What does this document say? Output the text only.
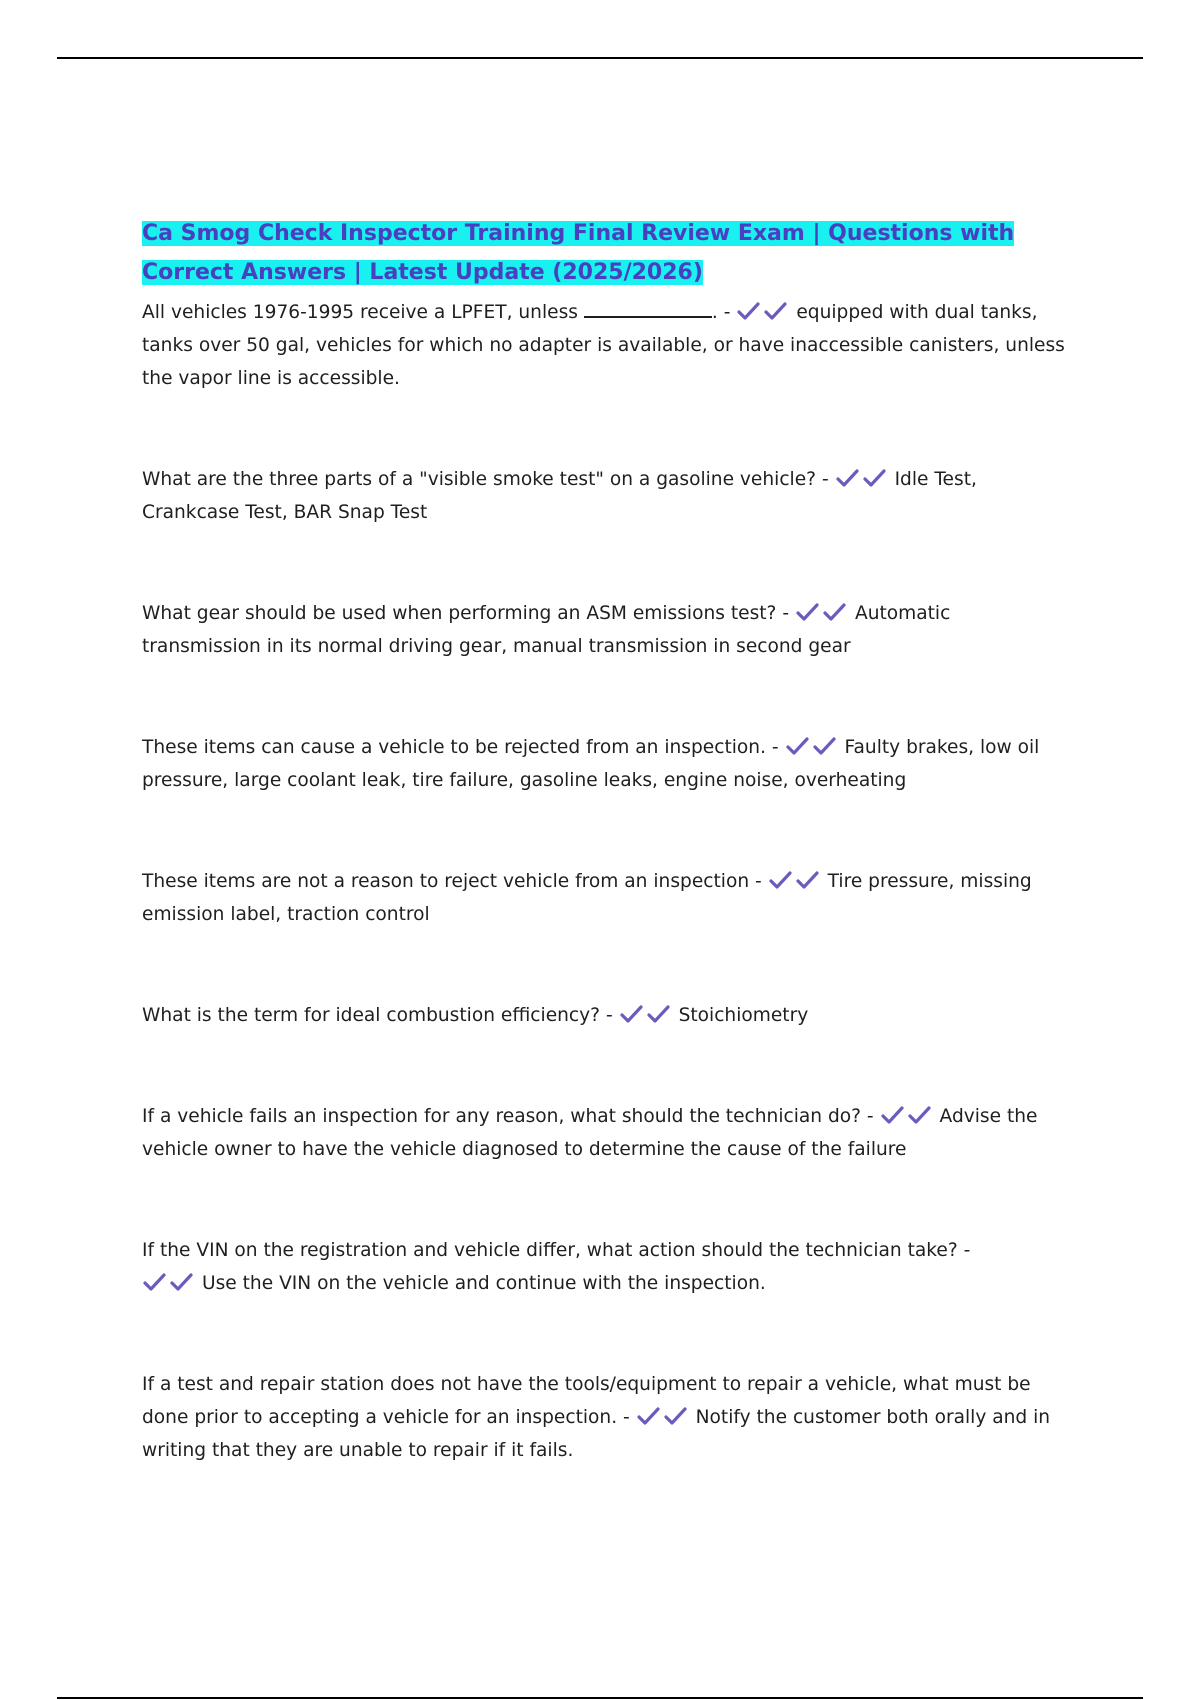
Ca Smog Check Inspector Training Final Review Exam | Questions with Correct Answers | Latest Update (2025/2026)

All vehicles 1976-1995 receive a LPFET, unless	. -	equipped with dual tanks, tanks over 50 gal, vehicles for which no adapter is available, or have inaccessible canisters, unless the vapor line is accessible.

What are the three parts of a "visible smoke test" on a gasoline vehicle? -	Idle Test, Crankcase Test, BAR Snap Test

What gear should be used when performing an ASM emissions test? -	Automatic transmission in its normal driving gear, manual transmission in second gear

These items can cause a vehicle to be rejected from an inspection. -	Faulty brakes, low oil pressure, large coolant leak, tire failure, gasoline leaks, engine noise, overheating

These items are not a reason to reject vehicle from an inspection -	Tire pressure, missing emission label, traction control

What is the term for ideal combustion efficiency? -	Stoichiometry

If a vehicle fails an inspection for any reason, what should the technician do? -	Advise the vehicle owner to have the vehicle diagnosed to determine the cause of the failure

If the VIN on the registration and vehicle differ, what action should the technician take? -

Use the VIN on the vehicle and continue with the inspection.

If a test and repair station does not have the tools/equipment to repair a vehicle, what must be done prior to accepting a vehicle for an inspection. -	Notify the customer both orally and in writing that they are unable to repair if it fails.
